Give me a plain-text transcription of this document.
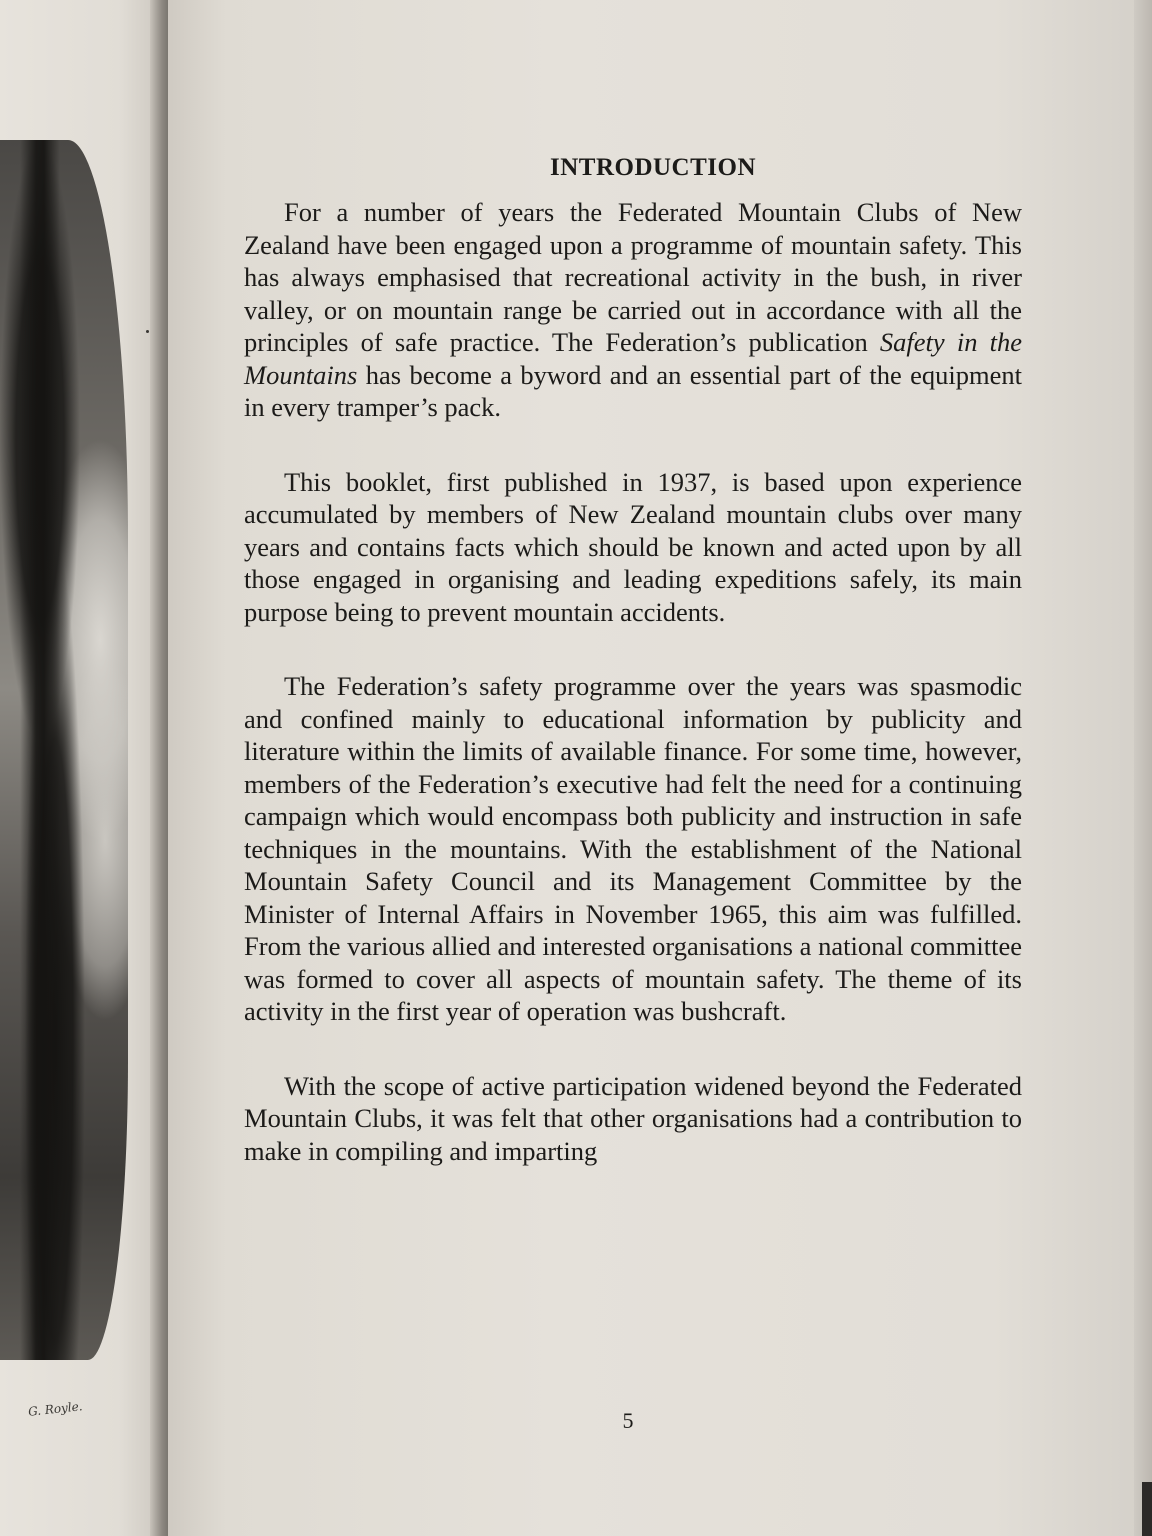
G. Royle.
INTRODUCTION

For a number of years the Federated Mountain Clubs of New Zealand have been engaged upon a programme of mountain safety. This has always emphasised that recreational activity in the bush, in river valley, or on mountain range be carried out in accordance with all the principles of safe practice. The Federation’s publication Safety in the Mountains has become a byword and an essential part of the equipment in every tramper’s pack.

This booklet, first published in 1937, is based upon experience accumulated by members of New Zealand mountain clubs over many years and contains facts which should be known and acted upon by all those engaged in organising and leading expeditions safely, its main purpose being to prevent mountain accidents.

The Federation’s safety programme over the years was spasmodic and confined mainly to educational information by publicity and literature within the limits of available finance. For some time, however, members of the Federation’s executive had felt the need for a continuing campaign which would encompass both publicity and instruction in safe techniques in the mountains. With the establishment of the National Mountain Safety Council and its Management Committee by the Minister of Internal Affairs in November 1965, this aim was fulfilled. From the various allied and interested organisations a national committee was formed to cover all aspects of mountain safety. The theme of its activity in the first year of operation was bushcraft.

With the scope of active participation widened beyond the Federated Mountain Clubs, it was felt that other organisations had a contribution to make in compiling and imparting

5
